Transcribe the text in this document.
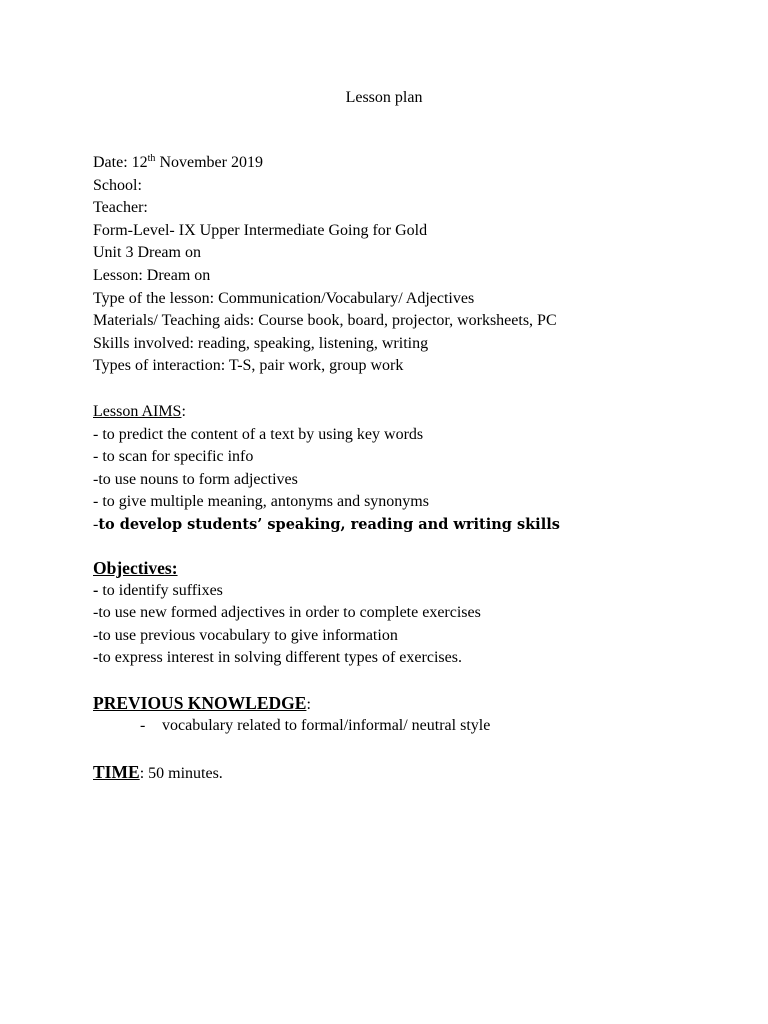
Lesson plan
Date: 12th November 2019
School:
Teacher:
Form-Level- IX Upper Intermediate Going for Gold
Unit 3 Dream on
Lesson: Dream on
Type of the lesson: Communication/Vocabulary/ Adjectives
Materials/ Teaching aids: Course book, board, projector, worksheets, PC
Skills involved: reading, speaking, listening, writing
Types of interaction: T-S, pair work, group work
Lesson AIMS:
- to predict the content of a text by using key words
- to scan for specific info
-to use nouns to form adjectives
- to give multiple meaning, antonyms and synonyms
-to develop students’ speaking, reading and writing skills
Objectives:
- to identify suffixes
-to use new formed adjectives in order to complete exercises
-to use previous vocabulary to give information
-to express interest in solving different types of exercises.
PREVIOUS KNOWLEDGE:
- vocabulary related to formal/informal/ neutral style
TIME: 50 minutes.
